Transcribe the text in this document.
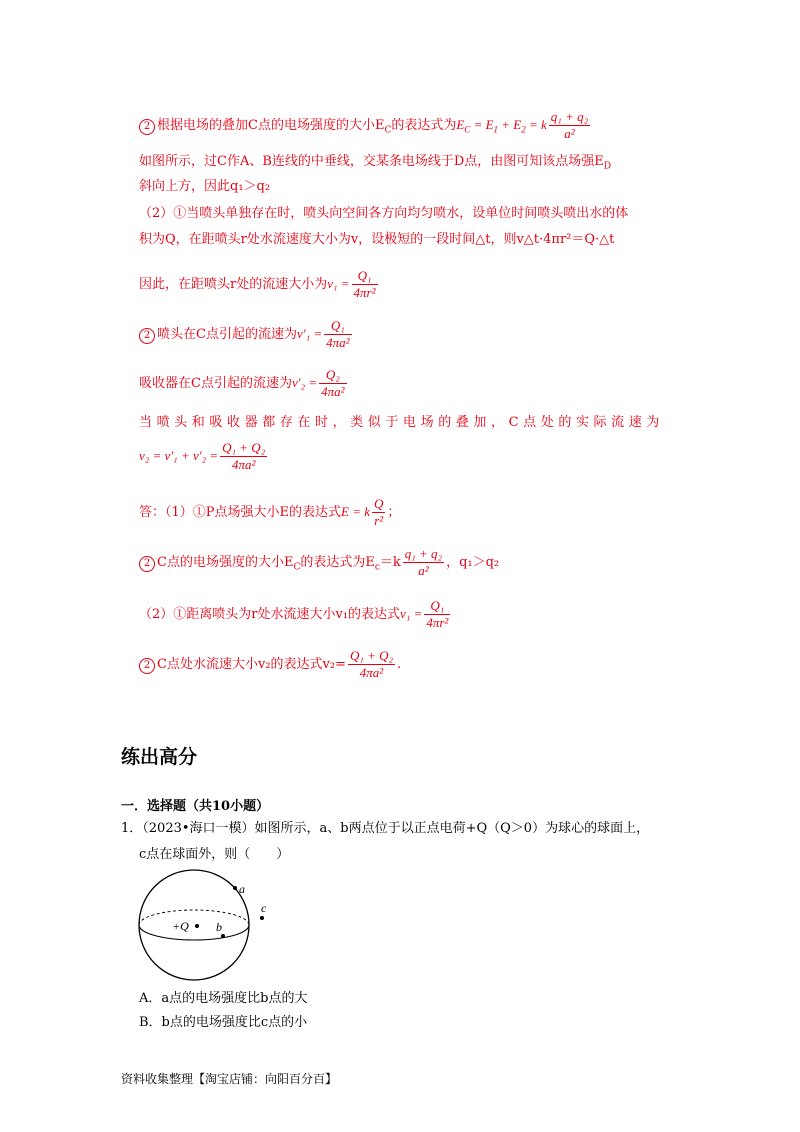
2 根据电场的叠加C点的电场强度的大小$E_C$的表达式为$E_C = E_1 + E_2 = k \frac{\text{q₁ + q₂}}{\text{a²}}$
如图所示，过C作A、B连线的中垂线，交某条电场线于D点，由图可知该点场强$E_D$
斜向上方，因此q₁＞q₂
（2）①当喷头单独存在时，喷头向空间各方向均匀喷水，设单位时间喷头喷出水的体
积为Q，在距喷头r处水流速度大小为v，设极短的一段时间△t，则v△t·4πr²＝Q·△t
因此，在距喷头r处的流速大小为$v_1 = \frac{\text{Q₁}}{\text{4πr²}}$
2 喷头在C点引起的流速为$v'_1 = \frac{\text{Q₁}}{\text{4πa²}}$
吸收器在C点引起的流速为$v'_2 = \frac{\text{Q₂}}{\text{4πa²}}$
当喷头和吸收器都存在时，类似于电场的叠加，C点处的实际流速为
$v_2 = v'_1 + v'_2 = \frac{\text{Q₁ + Q₂}}{\text{4πa²}}$
答：（1）①P点场强大小E的表达式E = k $\frac{Q}{\text{r²}}$ ；
2 C点的电场强度的大小$E_C$的表达式为$E_c=k \frac{\text{q₁ + q₂}}{\text{a²}}$ ，q₁＞q₂
（2）①距离喷头为r处水流速大小v₁的表达式$v_1 = \frac{\text{Q₁}}{\text{4πr²}}$
2 C点处水流速大小v₂的表达式$v_2= \frac{\text{Q₁ + Q₂}}{\text{4πa²}}$ .
练出高分
一．选择题（共10小题）
1．（2023•海口一模）如图所示，a、b两点位于以正点电荷+Q（Q＞0）为球心的球面上，
c点在球面外，则（　　）
a
b
c
+Q
A．a点的电场强度比b点的大
B．b点的电场强度比c点的小
资料收集整理【淘宝店铺：向阳百分百】
